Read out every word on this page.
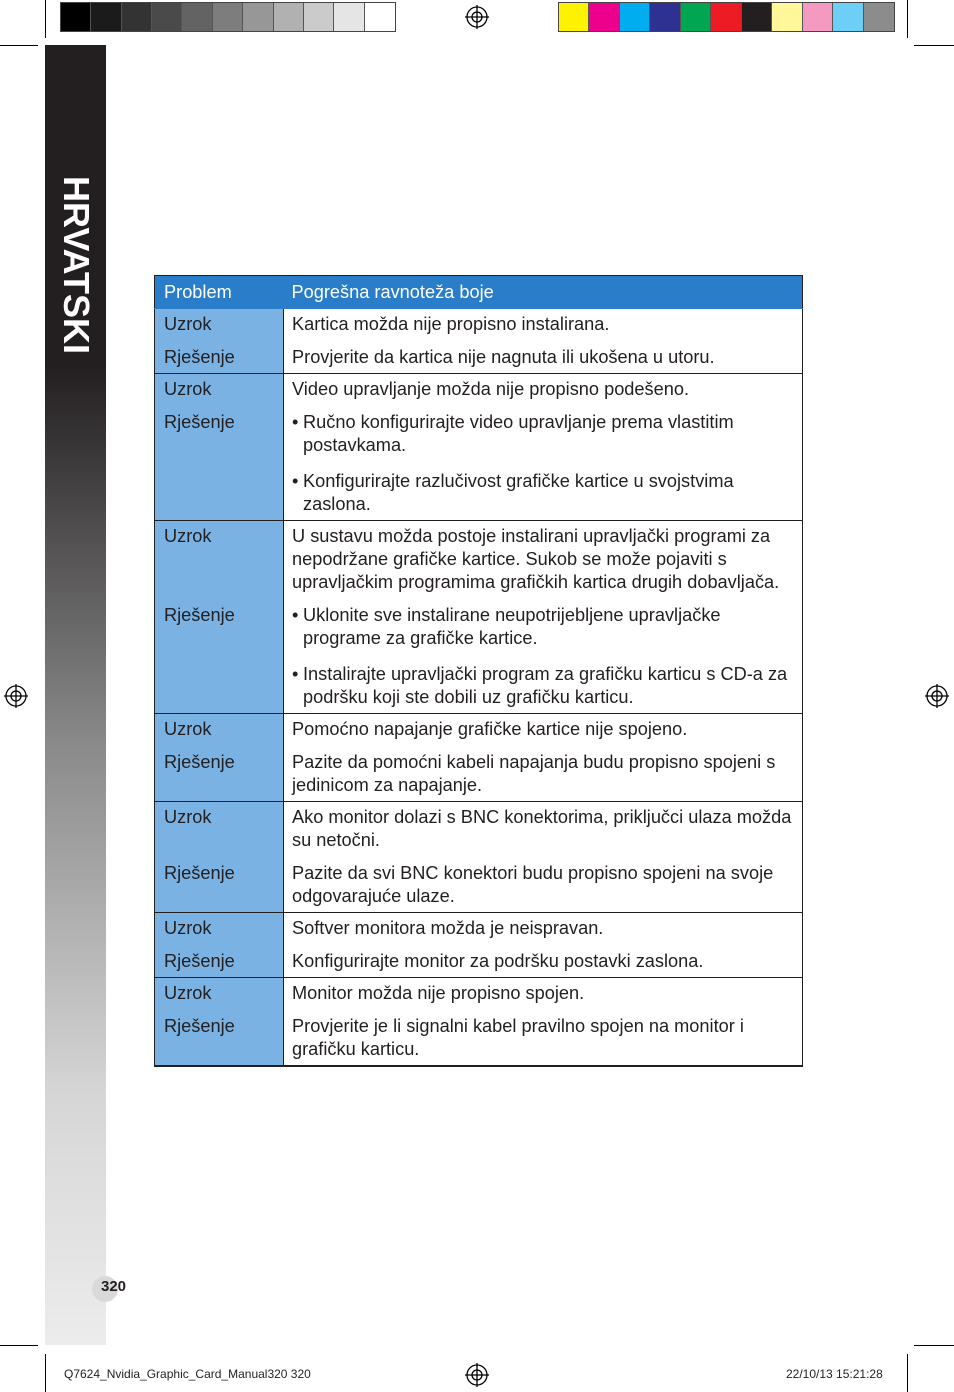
HRVATSKI	Problem	Pogrešna ravnoteža boje
Uzrok	Kartica možda nije propisno instalirana.

Rješenje	Provjerite da kartica nije nagnuta ili ukošena u utoru.
Uzrok	Video upravljanje možda nije propisno podešeno.

Rješenje	• Ručno konfigurirajte video upravljanje prema vlastitim postavkama.
• Konfigurirajte razlučivost grafičke kartice u svojstvima zaslona.

Uzrok	U sustavu možda postoje instalirani upravljački programi za nepodržane grafičke kartice. Sukob se može pojaviti s upravljačkim programima grafičkih kartica drugih dobavljača.

Rješenje	• Uklonite sve instalirane neupotrijebljene upravljačke programe za grafičke kartice.
• Instalirajte upravljački program za grafičku karticu s CD-a za podršku koji ste dobili uz grafičku karticu.

Uzrok	Pomoćno napajanje grafičke kartice nije spojeno.

Rješenje	Pazite da pomoćni kabeli napajanja budu propisno spojeni s jedinicom za napajanje.
Uzrok	Ako monitor dolazi s BNC konektorima, priključci ulaza možda su netočni.

Rješenje	Pazite da svi BNC konektori budu propisno spojeni na svoje odgovarajuće ulaze.
Uzrok	Softver monitora možda je neispravan.

Rješenje	Konfigurirajte monitor za podršku postavki zaslona.
Uzrok	Monitor možda nije propisno spojen.

Rješenje	Provjerite je li signalni kabel pravilno spojen na monitor i grafičku karticu.
320
Q7624_Nvidia_Graphic_Card_Manual320 320	22/10/13 15:21:28
